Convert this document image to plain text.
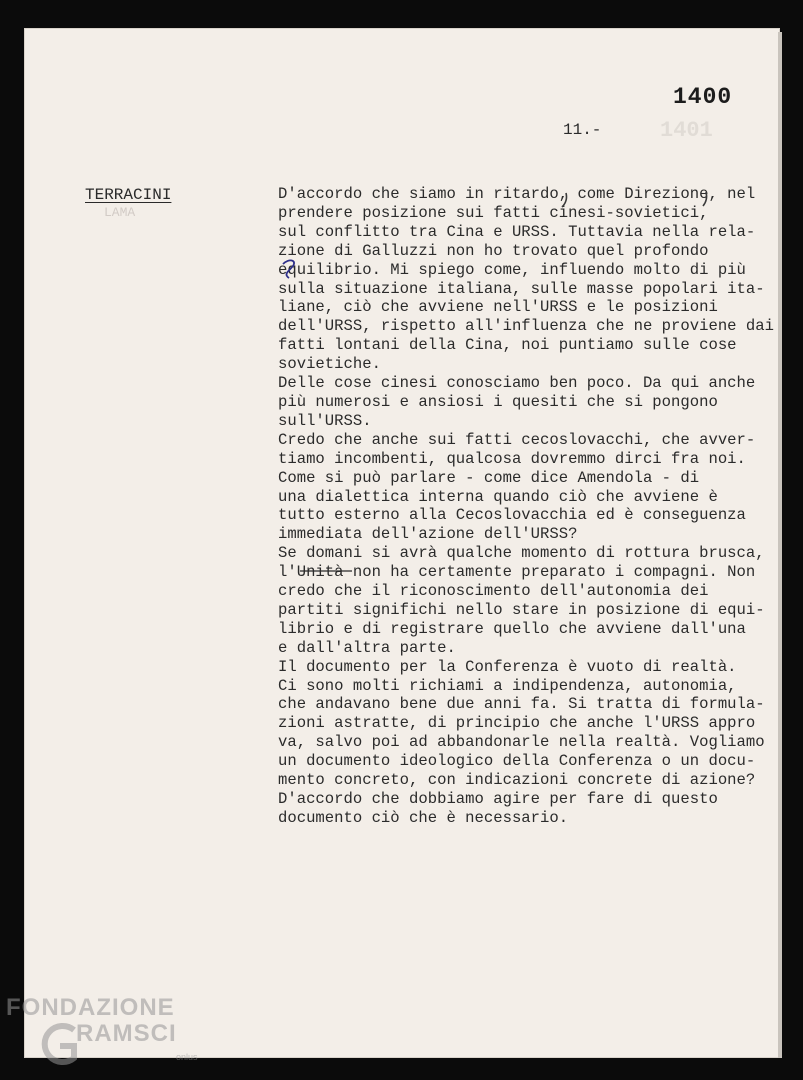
1401
1400
11.-
TERRACINI
LAMA
D'accordo che siamo in ritardo, come Direzione, nel
prendere posizione sui fatti cinesi-sovietici,
sul conflitto tra Cina e URSS. Tuttavia nella rela-
zione di Galluzzi non ho trovato quel profondo
equilibrio. Mi spiego come, influendo molto di più
sulla situazione italiana, sulle masse popolari ita-
liane, ciò che avviene nell'URSS e le posizioni
dell'URSS, rispetto all'influenza che ne proviene dai
fatti lontani della Cina, noi puntiamo sulle cose
sovietiche.
Delle cose cinesi conosciamo ben poco. Da qui anche
più numerosi e ansiosi i quesiti che si pongono
sull'URSS.
Credo che anche sui fatti cecoslovacchi, che avver-
tiamo incombenti, qualcosa dovremmo dirci fra noi.
Come si può parlare - come dice Amendola - di
una dialettica interna quando ciò che avviene è
tutto esterno alla Cecoslovacchia ed è conseguenza
immediata dell'azione dell'URSS?
Se domani si avrà qualche momento di rottura brusca,
l'Unità non ha certamente preparato i compagni. Non
credo che il riconoscimento dell'autonomia dei
partiti significhi nello stare in posizione di equi-
librio e di registrare quello che avviene dall'una
e dall'altra parte.
Il documento per la Conferenza è vuoto di realtà.
Ci sono molti richiami a indipendenza, autonomia,
che andavano bene due anni fa. Si tratta di formula-
zioni astratte, di principio che anche l'URSS appro
va, salvo poi ad abbandonarle nella realtà. Vogliamo
un documento ideologico della Conferenza o un docu-
mento concreto, con indicazioni concrete di azione?
D'accordo che dobbiamo agire per fare di questo
documento ciò che è necessario.
FONDAZIONE
RAMSCI
onlus
